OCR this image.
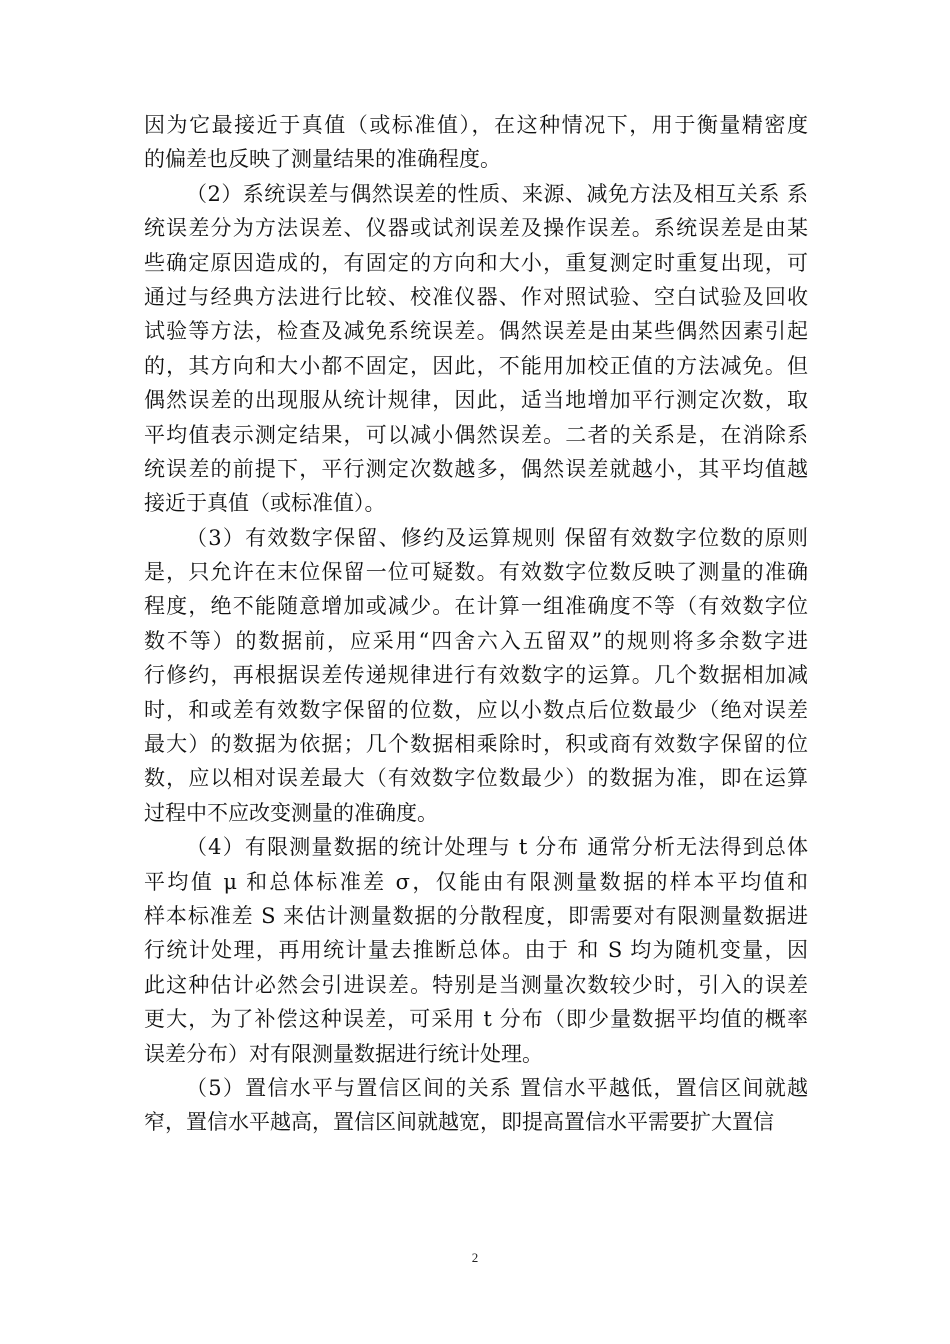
因为它最接近于真值（或标准值），在这种情况下，用于衡量精密度
的偏差也反映了测量结果的准确程度。
（2）系统误差与偶然误差的性质、来源、减免方法及相互关系 系
统误差分为方法误差、仪器或试剂误差及操作误差。系统误差是由某
些确定原因造成的，有固定的方向和大小，重复测定时重复出现，可
通过与经典方法进行比较、校准仪器、作对照试验、空白试验及回收
试验等方法，检查及减免系统误差。偶然误差是由某些偶然因素引起
的，其方向和大小都不固定，因此，不能用加校正值的方法减免。但
偶然误差的出现服从统计规律，因此，适当地增加平行测定次数，取
平均值表示测定结果，可以减小偶然误差。二者的关系是，在消除系
统误差的前提下，平行测定次数越多，偶然误差就越小，其平均值越
接近于真值（或标准值）。
（3）有效数字保留、修约及运算规则 保留有效数字位数的原则
是，只允许在末位保留一位可疑数。有效数字位数反映了测量的准确
程度，绝不能随意增加或减少。在计算一组准确度不等（有效数字位
数不等）的数据前，应采用“四舍六入五留双”的规则将多余数字进
行修约，再根据误差传递规律进行有效数字的运算。几个数据相加减
时，和或差有效数字保留的位数，应以小数点后位数最少（绝对误差
最大）的数据为依据；几个数据相乘除时，积或商有效数字保留的位
数，应以相对误差最大（有效数字位数最少）的数据为准，即在运算
过程中不应改变测量的准确度。
（4）有限测量数据的统计处理与 t 分布 通常分析无法得到总体
平均值 μ 和总体标准差 σ，仅能由有限测量数据的样本平均值和
样本标准差 S 来估计测量数据的分散程度，即需要对有限测量数据进
行统计处理，再用统计量去推断总体。由于 和 S 均为随机变量，因
此这种估计必然会引进误差。特别是当测量次数较少时，引入的误差
更大，为了补偿这种误差，可采用 t 分布（即少量数据平均值的概率
误差分布）对有限测量数据进行统计处理。
（5）置信水平与置信区间的关系 置信水平越低，置信区间就越
窄，置信水平越高，置信区间就越宽，即提高置信水平需要扩大置信
2
